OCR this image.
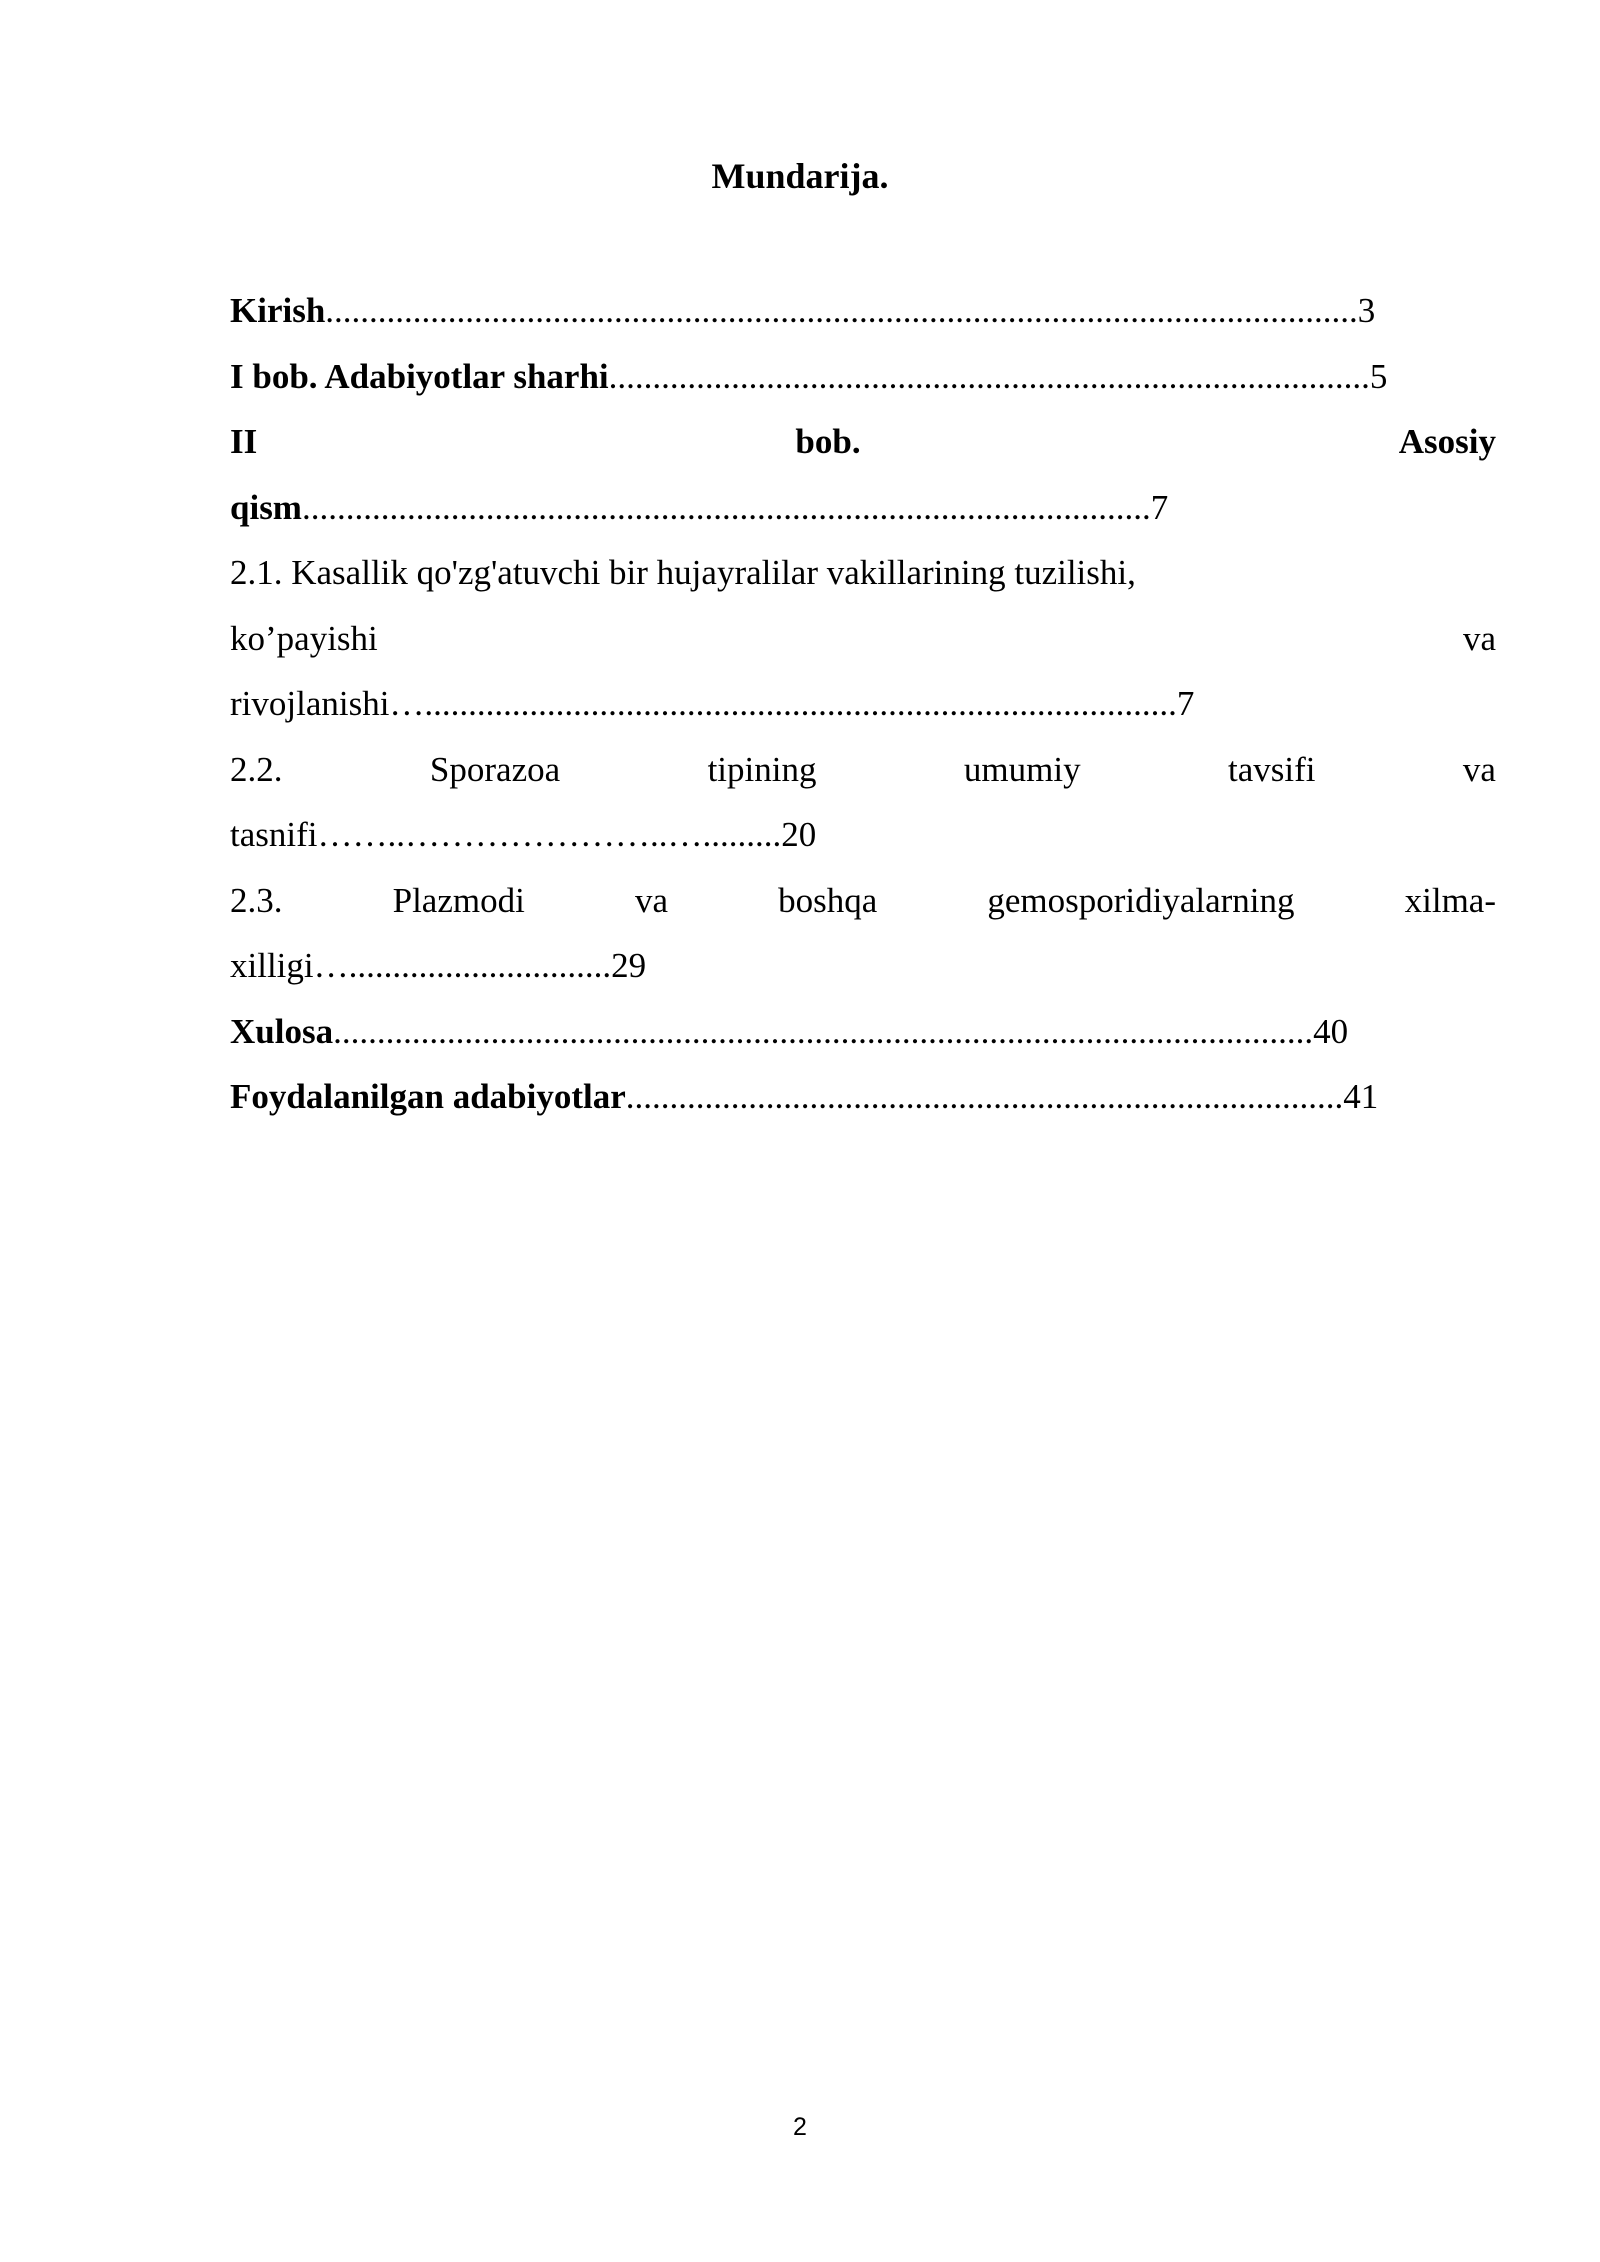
Mundarija.
Kirish......................................................................................................................3
I bob. Adabiyotlar sharhi.......................................................................................5
II	bob.	Asosiy
qism.................................................................................................7
2.1. Kasallik qo'zg'atuvchi bir hujayralilar vakillarining tuzilishi,
ko’payishi	va
rivojlanishi…......................................................................................7
2.2.	Sporazoa	tipining	umumiy	tavsifi	va
tasnifi……..…………………..….........20
2.3.	Plazmodi	va	boshqa	gemosporidiyalarning	xilma-
xilligi…..............................29
Xulosa................................................................................................................40
Foydalanilgan adabiyotlar..................................................................................41
2
